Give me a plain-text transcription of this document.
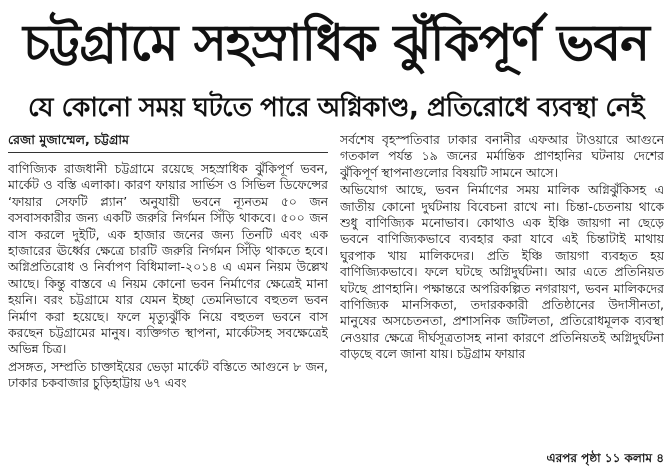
চট্টগ্রামে সহস্রাধিক ঝুঁকিপূর্ণ ভবন
যে কোনো সময় ঘটতে পারে অগ্নিকাণ্ড, প্রতিরোধে ব্যবস্থা নেই
রেজা মুজাম্মেল, চট্টগ্রাম

বাণিজ্যিক রাজধানী চট্টগ্রামে রয়েছে সহস্রাধিক ঝুঁকিপূর্ণ ভবন, মার্কেট ও বস্তি এলাকা। কারণ ফায়ার সার্ভিস ও সিভিল ডিফেন্সের ‘ফায়ার সেফটি প্ল্যান’ অনুযায়ী ভবনে ন্যূনতম ৫০ জন বসবাসকারীর জন্য একটি জরুরি নির্গমন সিঁড়ি থাকবে। ৫০০ জন বাস করলে দুইটি, এক হাজার জনের জন্য তিনটি এবং এক হাজারের ঊর্ধ্বের ক্ষেত্রে চারটি জরুরি নির্গমন সিঁড়ি থাকতে হবে। অগ্নিপ্রতিরোধ ও নির্বাপণ বিধিমালা-২০১৪ এ এমন নিয়ম উল্লেখ আছে। কিন্তু বাস্তবে এ নিয়ম কোনো ভবন নির্মাণের ক্ষেত্রেই মানা হয়নি। বরং চট্টগ্রামে যার যেমন ইচ্ছা তেমনিভাবে বহুতল ভবন নির্মাণ করা হয়েছে। ফলে মৃত্যুঝুঁকি নিয়ে বহুতল ভবনে বাস করছেন চট্টগ্রামের মানুষ। ব্যক্তিগত স্থাপনা, মার্কেটসহ সবক্ষেত্রেই অভিন্ন চিত্র।

প্রসঙ্গত, সম্প্রতি চাক্তাইয়ের ভেড়া মার্কেট বস্তিতে আগুনে ৮ জন, ঢাকার চকবাজার চুড়িহাট্টায় ৬৭ এবং

সর্বশেষ বৃহস্পতিবার ঢাকার বনানীর এফআর টাওয়ারে আগুনে গতকাল পর্যন্ত ১৯ জনের মর্মান্তিক প্রাণহানির ঘটনায় দেশের ঝুঁকিপূর্ণ স্থাপনাগুলোর বিষয়টি সামনে আসে।

অভিযোগ আছে, ভবন নির্মাণের সময় মালিক অগ্নিঝুঁকিসহ এ জাতীয় কোনো দুর্ঘটনায় বিবেচনা রাখে না। চিন্তা-চেতনায় থাকে শুধু বাণিজ্যিক মনোভাব। কোথাও এক ইঞ্চি জায়গা না ছেড়ে ভবনে বাণিজ্যিকভাবে ব্যবহার করা যাবে এই চিন্তাটাই মাথায় ঘুরপাক খায় মালিকদের। প্রতি ইঞ্চি জায়গা ব্যবহৃত হয় বাণিজ্যিকভাবে। ফলে ঘটছে অগ্নিদুর্ঘটনা। আর এতে প্রতিনিয়ত ঘটছে প্রাণহানি। পক্ষান্তরে অপরিকল্পিত নগরায়ণ, ভবন মালিকদের বাণিজ্যিক মানসিকতা, তদারককারী প্রতিষ্ঠানের উদাসীনতা, মানুষের অসচেতনতা, প্রশাসনিক জটিলতা, প্রতিরোধমূলক ব্যবস্থা নেওয়ার ক্ষেত্রে দীর্ঘসূত্রতাসহ নানা কারণে প্রতিনিয়তই অগ্নিদুর্ঘটনা বাড়ছে বলে জানা যায়। চট্টগ্রাম ফায়ার

এরপর পৃষ্ঠা ১১ কলাম ৪
